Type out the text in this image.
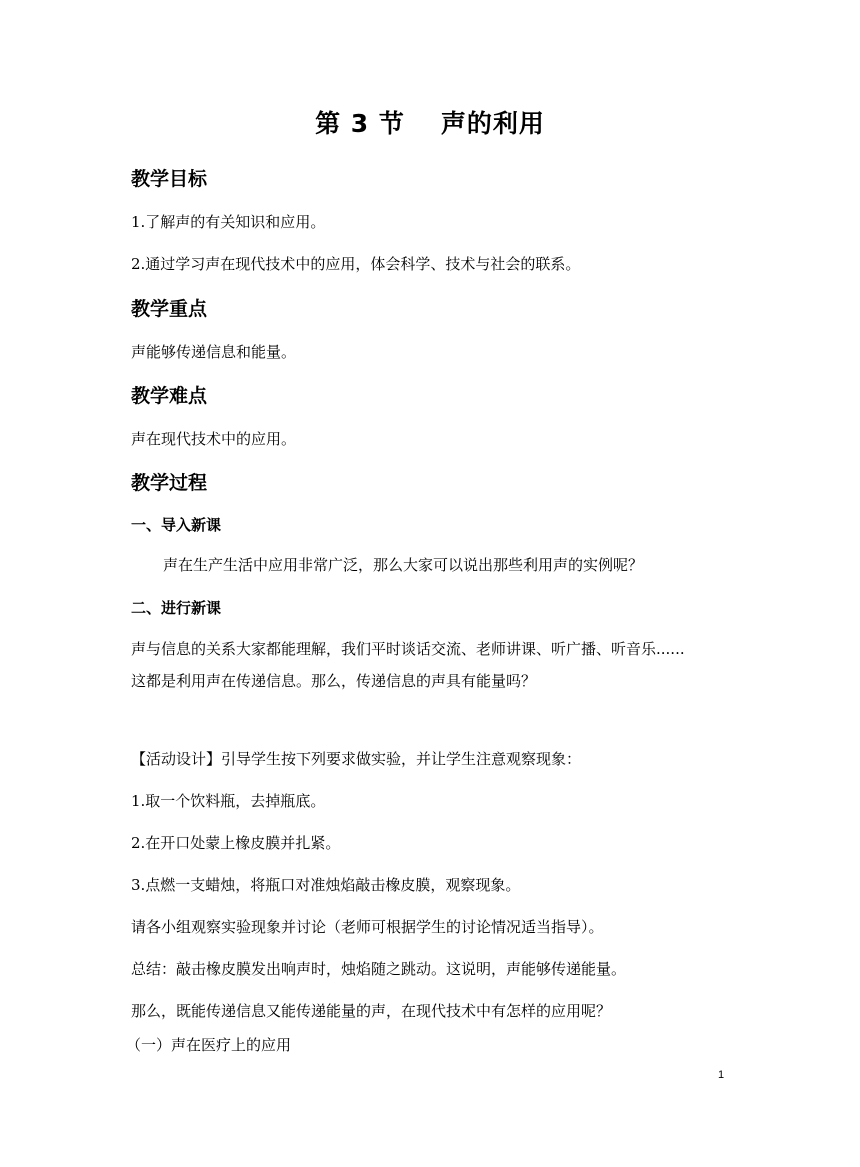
第 3 节 声的利用
教学目标
1.了解声的有关知识和应用。
2.通过学习声在现代技术中的应用，体会科学、技术与社会的联系。
教学重点
声能够传递信息和能量。
教学难点
声在现代技术中的应用。
教学过程
一、导入新课
声在生产生活中应用非常广泛，那么大家可以说出那些利用声的实例呢？
二、进行新课
声与信息的关系大家都能理解，我们平时谈话交流、老师讲课、听广播、听音乐......
这都是利用声在传递信息。那么，传递信息的声具有能量吗？
【活动设计】引导学生按下列要求做实验，并让学生注意观察现象：
1.取一个饮料瓶，去掉瓶底。
2.在开口处蒙上橡皮膜并扎紧。
3.点燃一支蜡烛，将瓶口对准烛焰敲击橡皮膜，观察现象。
请各小组观察实验现象并讨论（老师可根据学生的讨论情况适当指导）。
总结：敲击橡皮膜发出响声时，烛焰随之跳动。这说明，声能够传递能量。
那么，既能传递信息又能传递能量的声，在现代技术中有怎样的应用呢？
（一）声在医疗上的应用
1
